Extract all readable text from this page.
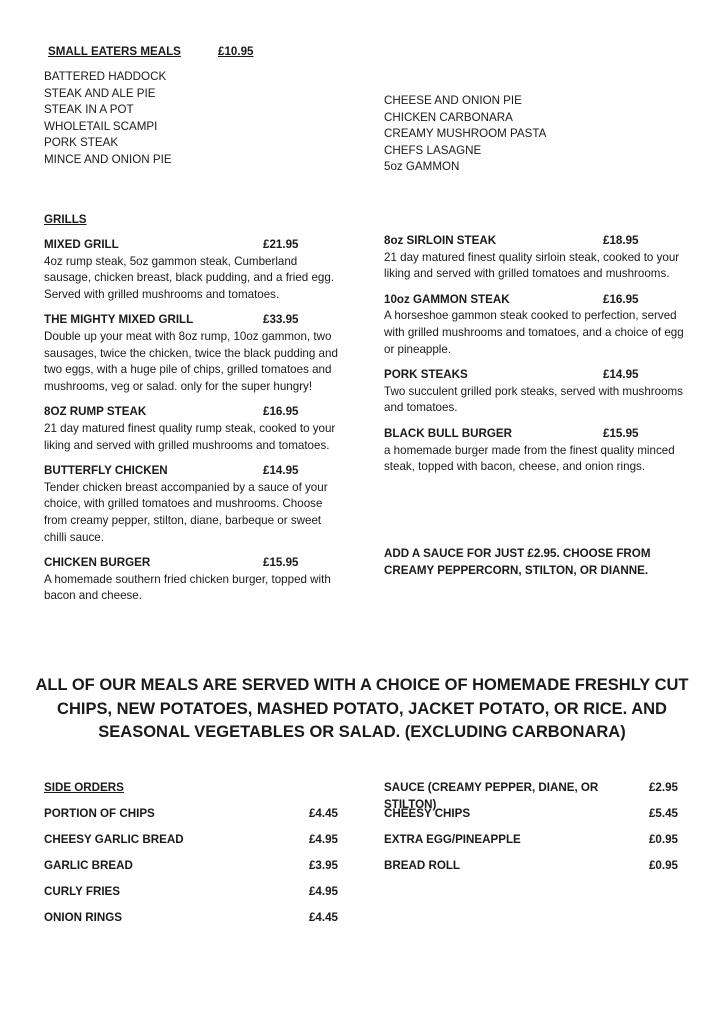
SMALL EATERS MEALS	£10.95
BATTERED HADDOCK
STEAK AND ALE PIE
STEAK IN A POT
WHOLETAIL SCAMPI
PORK STEAK
MINCE AND ONION PIE
CHEESE AND ONION PIE
CHICKEN CARBONARA
CREAMY MUSHROOM PASTA
CHEFS LASAGNE
5oz GAMMON
GRILLS
MIXED GRILL	£21.95
4oz rump steak, 5oz gammon steak, Cumberland sausage, chicken breast, black pudding, and a fried egg. Served with grilled mushrooms and tomatoes.
THE MIGHTY MIXED GRILL	£33.95
Double up your meat with 8oz rump, 10oz gammon, two sausages, twice the chicken, twice the black pudding and two eggs, with a huge pile of chips, grilled tomatoes and mushrooms, veg or salad. only for the super hungry!
8OZ RUMP STEAK	£16.95
21 day matured finest quality rump steak, cooked to your liking and served with grilled mushrooms and tomatoes.
BUTTERFLY CHICKEN	£14.95
Tender chicken breast accompanied by a sauce of your choice, with grilled tomatoes and mushrooms. Choose from creamy pepper, stilton, diane, barbeque or sweet chilli sauce.
CHICKEN BURGER	£15.95
A homemade southern fried chicken burger, topped with bacon and cheese.
8oz SIRLOIN STEAK	£18.95
21 day matured finest quality sirloin steak, cooked to your liking and served with grilled tomatoes and mushrooms.
10oz GAMMON STEAK	£16.95
A horseshoe gammon steak cooked to perfection, served with grilled mushrooms and tomatoes, and a choice of egg or pineapple.
PORK STEAKS	£14.95
Two succulent grilled pork steaks, served with mushrooms and tomatoes.
BLACK BULL BURGER	£15.95
a homemade burger made from the finest quality minced steak, topped with bacon, cheese, and onion rings.
ADD A SAUCE FOR JUST £2.95. CHOOSE FROM CREAMY PEPPERCORN, STILTON, OR DIANNE.
ALL OF OUR MEALS ARE SERVED WITH A CHOICE OF HOMEMADE FRESHLY CUT CHIPS, NEW POTATOES, MASHED POTATO, JACKET POTATO, OR RICE. AND SEASONAL VEGETABLES OR SALAD. (EXCLUDING CARBONARA)
SIDE ORDERS
PORTION OF CHIPS	£4.45
CHEESY GARLIC BREAD	£4.95
GARLIC BREAD	£3.95
CURLY FRIES	£4.95
ONION RINGS	£4.45
SAUCE (CREAMY PEPPER, DIANE, OR STILTON)
£2.95
CHEESY CHIPS	£5.45
EXTRA EGG/PINEAPPLE	£0.95
BREAD ROLL	£0.95
